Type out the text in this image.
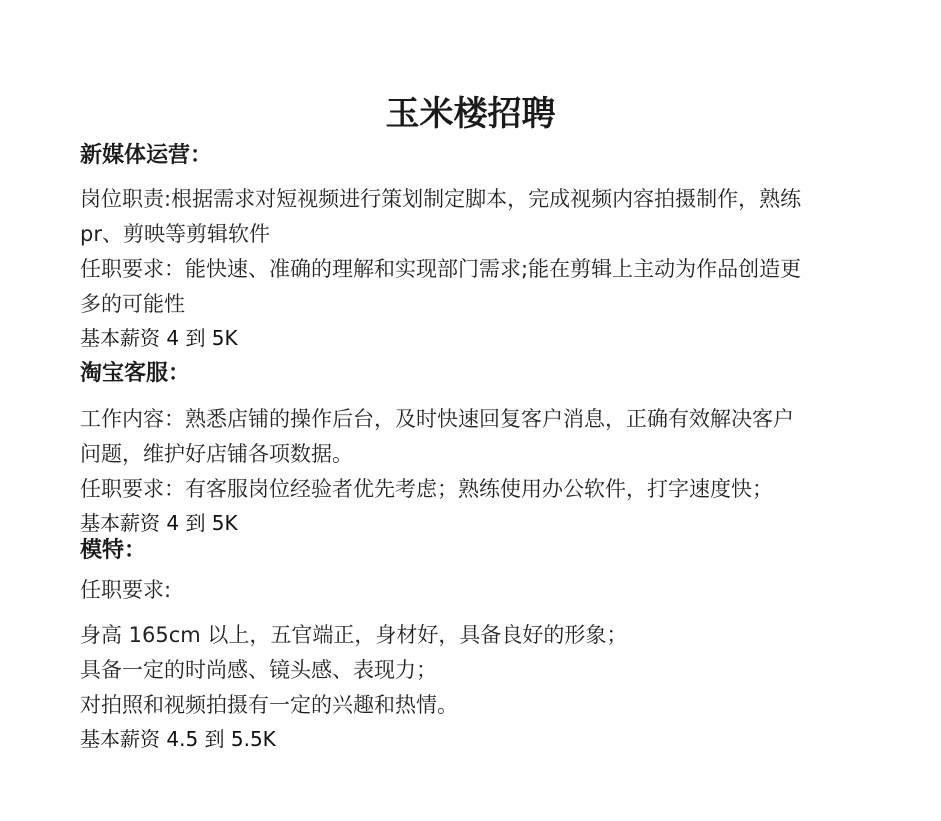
玉米楼招聘
新媒体运营：

岗位职责:根据需求对短视频进行策划制定脚本，完成视频内容拍摄制作，熟练

pr、剪映等剪辑软件

任职要求：能快速、准确的理解和实现部门需求;能在剪辑上主动为作品创造更

多的可能性

基本薪资 4 到 5K

淘宝客服：

工作内容：熟悉店铺的操作后台，及时快速回复客户消息，正确有效解决客户

问题，维护好店铺各项数据。

任职要求：有客服岗位经验者优先考虑；熟练使用办公软件，打字速度快；

基本薪资 4 到 5K

模特：

任职要求:

身高 165cm 以上，五官端正，身材好，具备良好的形象；

具备一定的时尚感、镜头感、表现力；

对拍照和视频拍摄有一定的兴趣和热情。

基本薪资 4.5 到 5.5K
